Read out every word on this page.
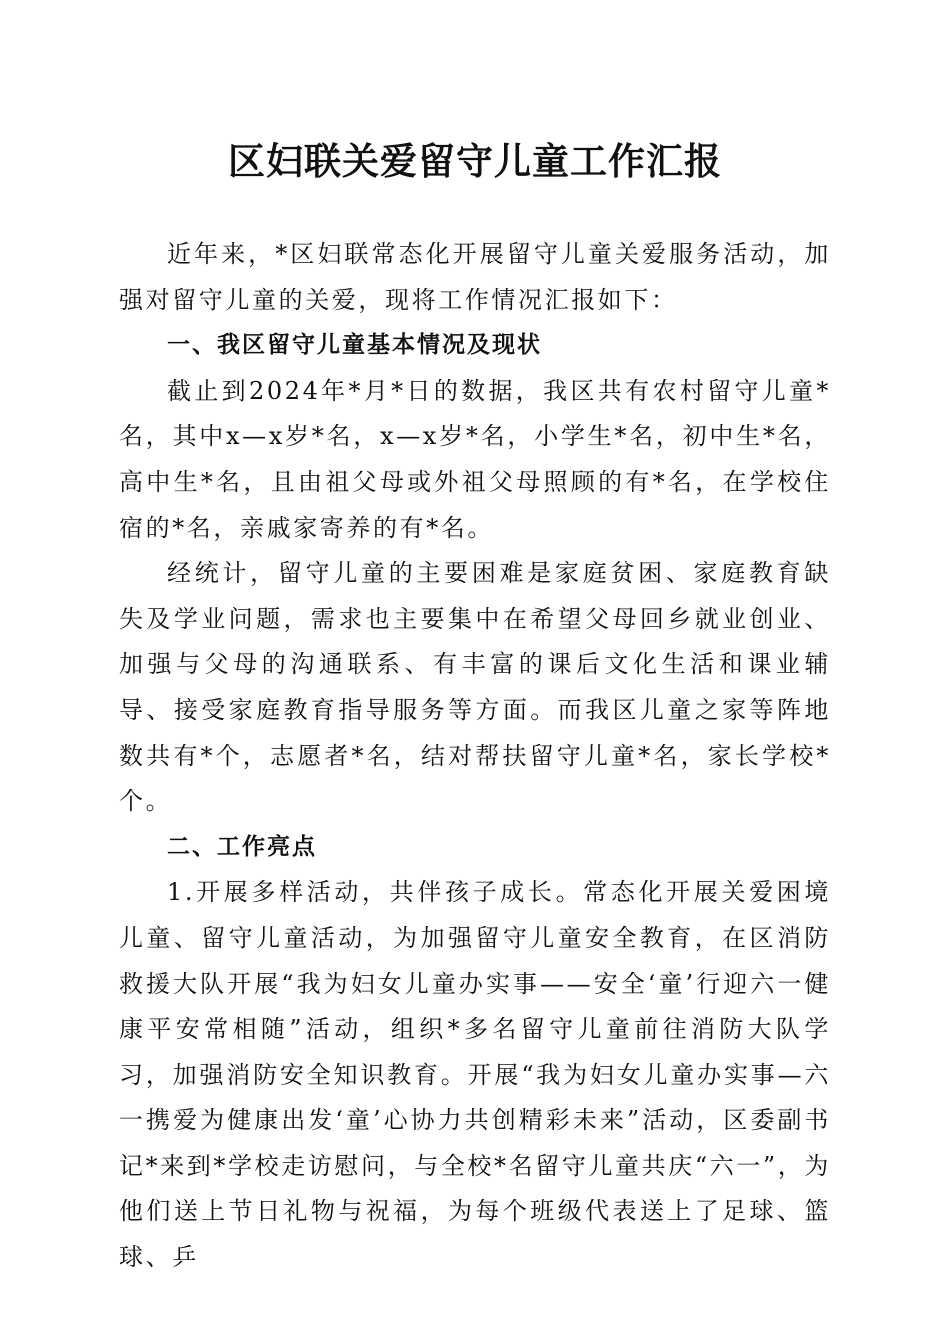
区妇联关爱留守儿童工作汇报

近年来，*区妇联常态化开展留守儿童关爱服务活动，加强对留守儿童的关爱，现将工作情况汇报如下：

一、我区留守儿童基本情况及现状

截止到2024年*月*日的数据，我区共有农村留守儿童*名，其中x—x岁*名，x—x岁*名，小学生*名，初中生*名，高中生*名，且由祖父母或外祖父母照顾的有*名，在学校住宿的*名，亲戚家寄养的有*名。

经统计，留守儿童的主要困难是家庭贫困、家庭教育缺失及学业问题，需求也主要集中在希望父母回乡就业创业、加强与父母的沟通联系、有丰富的课后文化生活和课业辅导、接受家庭教育指导服务等方面。而我区儿童之家等阵地数共有*个，志愿者*名，结对帮扶留守儿童*名，家长学校*个。

二、工作亮点

1.开展多样活动，共伴孩子成长。常态化开展关爱困境儿童、留守儿童活动，为加强留守儿童安全教育，在区消防救援大队开展“我为妇女儿童办实事——安全‘童’行迎六一健康平安常相随”活动，组织*多名留守儿童前往消防大队学习，加强消防安全知识教育。开展“我为妇女儿童办实事—六一携爱为健康出发‘童’心协力共创精彩未来”活动，区委副书记*来到*学校走访慰问，与全校*名留守儿童共庆“六一”，为他们送上节日礼物与祝福，为每个班级代表送上了足球、篮球、乒
